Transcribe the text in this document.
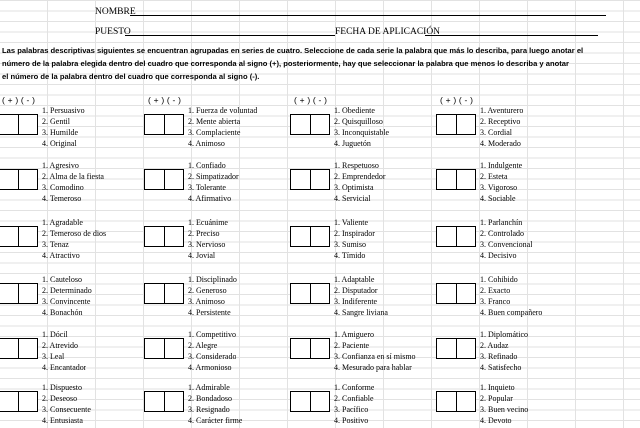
NOMBRE
PUESTO	FECHA DE APLICACIÓN
Las palabras descriptivas siguientes se encuentran agrupadas en series de cuatro. Seleccione de cada serie la palabra que más lo describa, para luego anotar el
número de la palabra elegida dentro del cuadro que corresponda al signo (+), posteriormente, hay que seleccionar la palabra que menos lo describa y anotar
el número de la palabra dentro del cuadro que corresponda al signo (-).
( + ) ( - )
1. Persuasivo
2. Gentil
3. Humilde
4. Original
1. Agresivo
2. Alma de la fiesta
3. Comodino
4. Temeroso
1. Agradable
2. Temeroso de dios
3. Tenaz
4. Atractivo
1. Cauteloso
2. Determinado
3. Convincente
4. Bonachón
1. Dócil
2. Atrevido
3. Leal
4. Encantador
1. Dispuesto
2. Deseoso
3. Consecuente
4. Entusiasta
( + ) ( - )
1. Fuerza de voluntad
2. Mente abierta
3. Complaciente
4. Animoso
1. Confiado
2. Simpatizador
3. Tolerante
4. Afirmativo
1. Ecuánime
2. Preciso
3. Nervioso
4. Jovial
1. Disciplinado
2. Generoso
3. Animoso
4. Persistente
1. Competitivo
2. Alegre
3. Considerado
4. Armonioso
1. Admirable
2. Bondadoso
3. Resignado
4. Carácter firme
( + ) ( - )
1. Obediente
2. Quisquilloso
3. Inconquistable
4. Juguetón
1. Respetuoso
2. Emprendedor
3. Optimista
4. Servicial
1. Valiente
2. Inspirador
3. Sumiso
4. Tímido
1. Adaptable
2. Disputador
3. Indiferente
4. Sangre liviana
1. Amiguero
2. Paciente
3. Confianza en sí mismo
4. Mesurado para hablar
1. Conforme
2. Confiable
3. Pacífico
4. Positivo
( + ) ( - )
1. Aventurero
2. Receptivo
3. Cordial
4. Moderado
1. Indulgente
2. Esteta
3. Vigoroso
4. Sociable
1. Parlanchín
2. Controlado
3. Convencional
4. Decisivo
1. Cohibido
2. Exacto
3. Franco
4. Buen compañero
1. Diplomático
2. Audaz
3. Refinado
4. Satisfecho
1. Inquieto
2. Popular
3. Buen vecino
4. Devoto
